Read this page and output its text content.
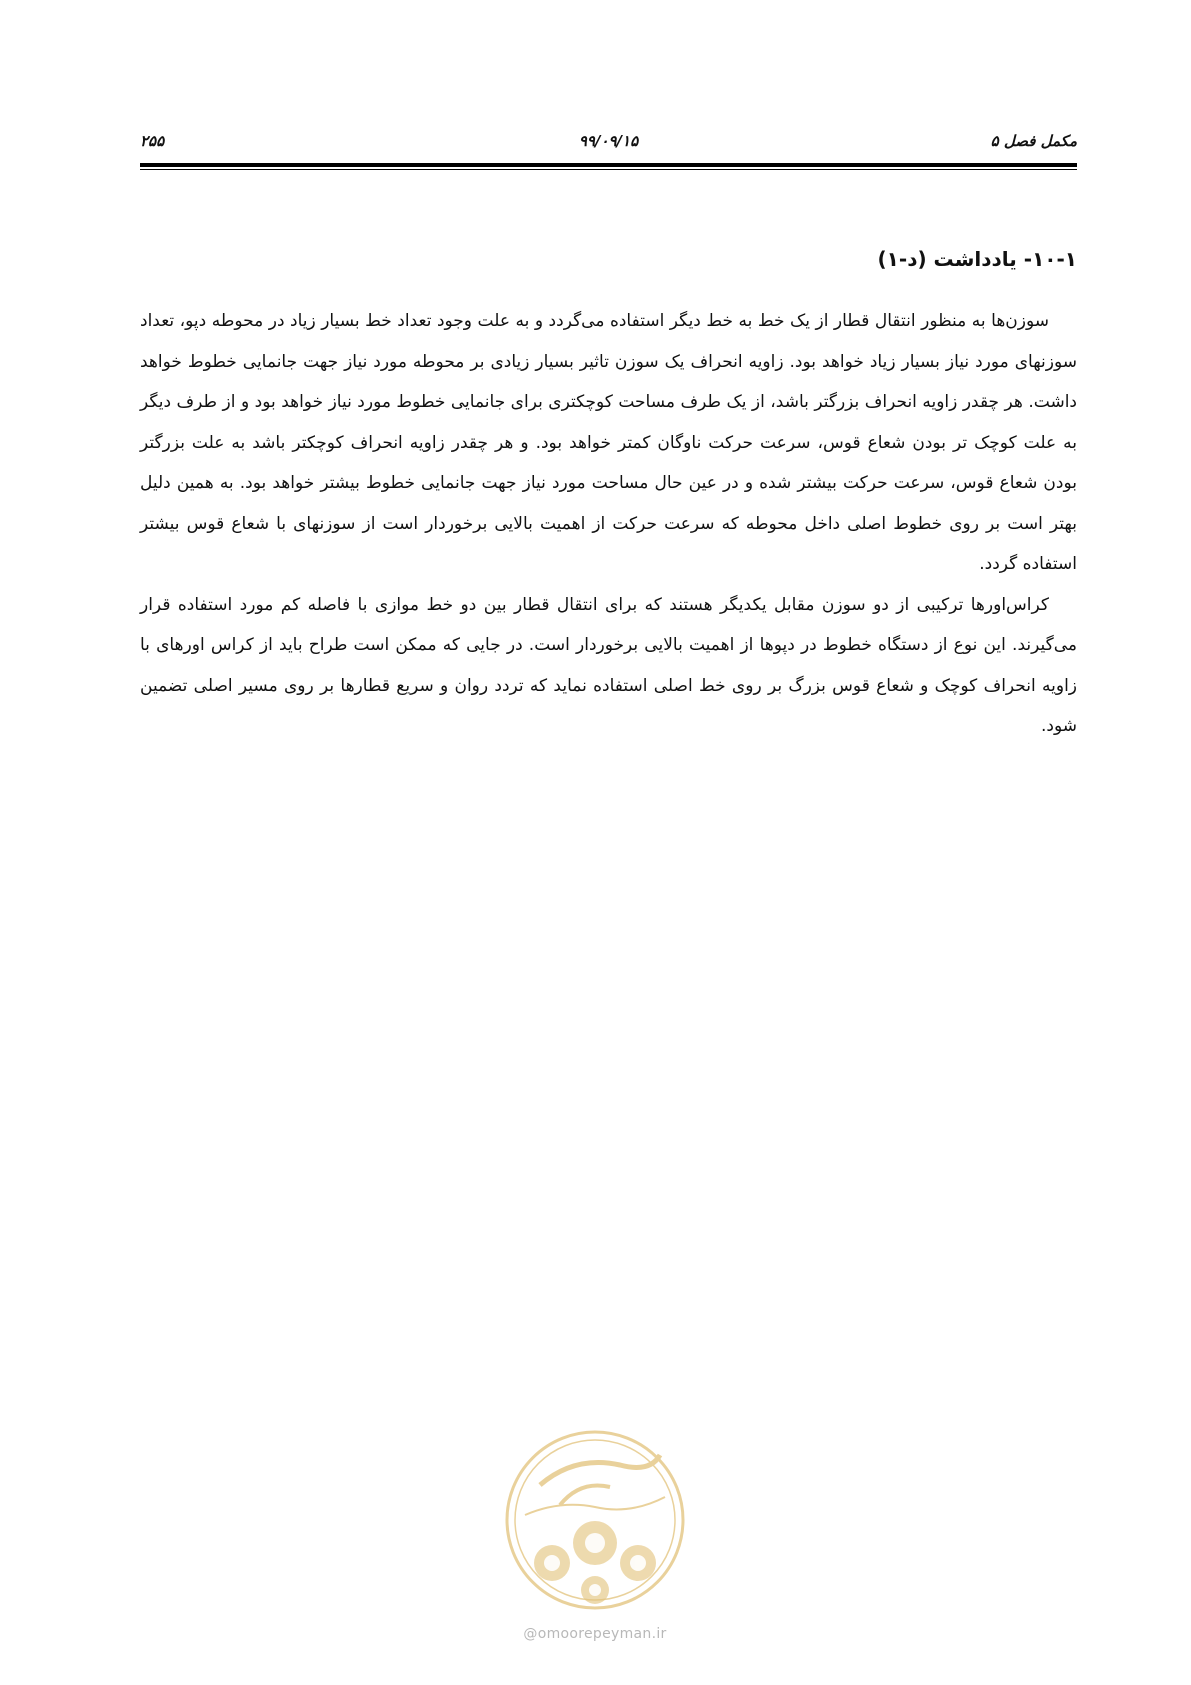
مکمل فصل ۵
۹۹/۰۹/۱۵
۲۵۵
۱۰-۱- یادداشت (د-۱)

سوزن‌ها به منظور انتقال قطار از یک خط به خط دیگر استفاده می‌گردد و به علت وجود تعداد خط بسیار زیاد در محوطه دپو، تعداد سوزنهای مورد نیاز بسیار زیاد خواهد بود. زاویه انحراف یک سوزن تاثیر بسیار زیادی بر محوطه مورد نیاز جهت جانمایی خطوط خواهد داشت. هر چقدر زاویه انحراف بزرگتر باشد، از یک طرف مساحت کوچکتری برای جانمایی خطوط مورد نیاز خواهد بود و از طرف دیگر به علت کوچک تر بودن شعاع قوس، سرعت حرکت ناوگان کمتر خواهد بود. و هر چقدر زاویه انحراف کوچکتر باشد به علت بزرگتر بودن شعاع قوس، سرعت حرکت بیشتر شده و در عین حال مساحت مورد نیاز جهت جانمایی خطوط بیشتر خواهد بود. به همین دلیل بهتر است بر روی خطوط اصلی داخل محوطه که سرعت حرکت از اهمیت بالایی برخوردار است از سوزنهای با شعاع قوس بیشتر استفاده گردد.

کراس‌اورها ترکیبی از دو سوزن مقابل یکدیگر هستند که برای انتقال قطار بین دو خط موازی با فاصله کم مورد استفاده قرار می‌گیرند. این نوع از دستگاه خطوط در دپوها از اهمیت بالایی برخوردار است. در جایی که ممکن است طراح باید از کراس اورهای با زاویه انحراف کوچک و شعاع قوس بزرگ بر روی خط اصلی استفاده نماید که تردد روان و سریع قطارها بر روی مسیر اصلی تضمین شود.

@omoorepeyman.ir
